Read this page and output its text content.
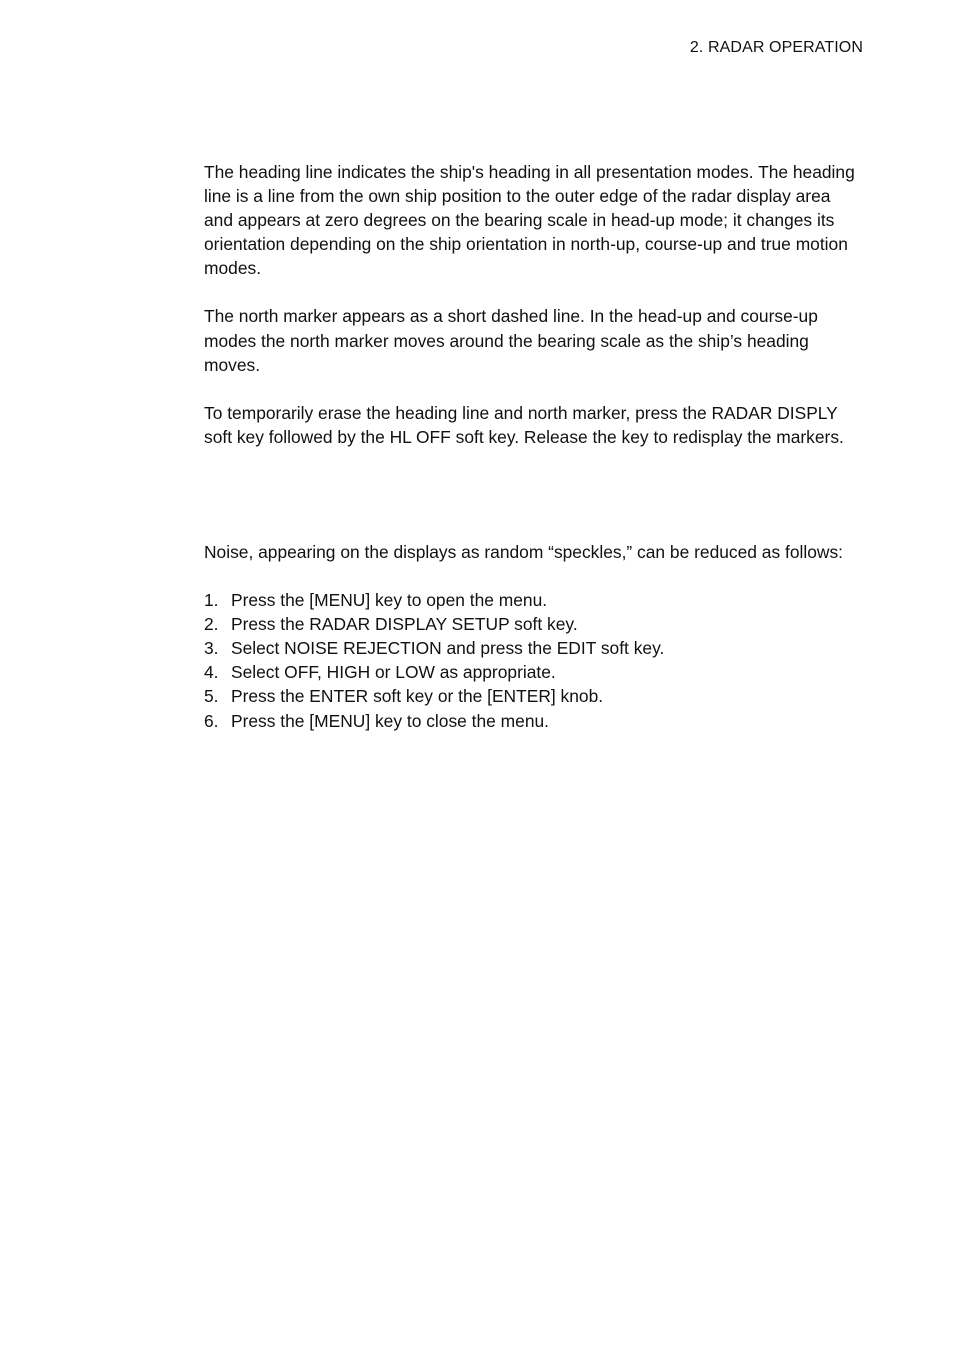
2. RADAR OPERATION

The heading line indicates the ship's heading in all presentation modes. The heading line is a line from the own ship position to the outer edge of the radar display area and appears at zero degrees on the bearing scale in head-up mode; it changes its orientation depending on the ship orientation in north-up, course-up and true motion modes.

The north marker appears as a short dashed line. In the head-up and course-up modes the north marker moves around the bearing scale as the ship’s heading moves.

To temporarily erase the heading line and north marker, press the RADAR DISPLY soft key followed by the HL OFF soft key. Release the key to redisplay the markers.

Noise, appearing on the displays as random “speckles,” can be reduced as follows:

1. Press the [MENU] key to open the menu.
2. Press the RADAR DISPLAY SETUP soft key.
3. Select NOISE REJECTION and press the EDIT soft key.
4. Select OFF, HIGH or LOW as appropriate.
5. Press the ENTER soft key or the [ENTER] knob.
6. Press the [MENU] key to close the menu.
